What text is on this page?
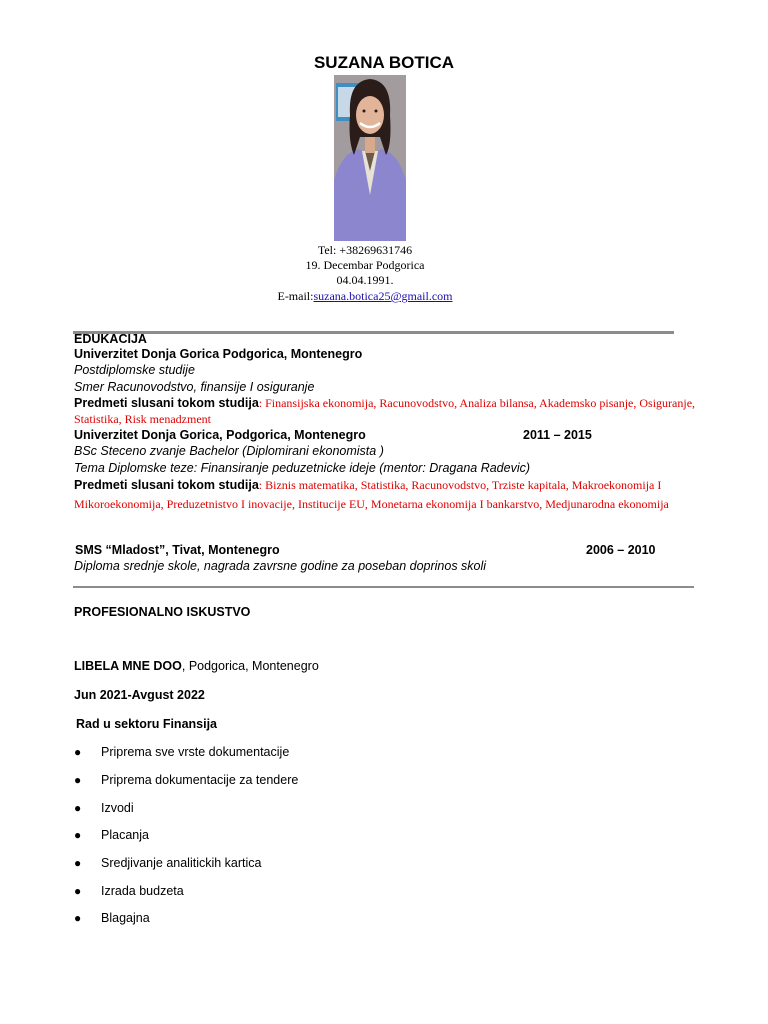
SUZANA BOTICA
Tel: +38269631746
19. Decembar Podgorica
04.04.1991.
E-mail:suzana.botica25@gmail.com
EDUKACIJA
Univerzitet Donja Gorica Podgorica, Montenegro
Postdiplomske studije
Smer Racunovodstvo, finansije I osiguranje
Predmeti slusani tokom studija: Finansijska ekonomija, Racunovodstvo, Analiza bilansa, Akademsko pisanje, Osiguranje, Statistika, Risk menadzment
Univerzitet Donja Gorica, Podgorica, Montenegro	2011 – 2015
BSc Steceno zvanje Bachelor (Diplomirani ekonomista )
Tema Diplomske teze: Finansiranje peduzetnicke ideje (mentor: Dragana Radevic)
Predmeti slusani tokom studija: Biznis matematika, Statistika, Racunovodstvo, Trziste kapitala, Makroekonomija I Mikoroekonomija, Preduzetnistvo I inovacije, Institucije EU, Monetarna ekonomija I bankarstvo, Medjunarodna ekonomija
SMS “Mladost”, Tivat, Montenegro	2006 – 2010
Diploma srednje skole, nagrada zavrsne godine za poseban doprinos skoli
PROFESIONALNO ISKUSTVO
LIBELA MNE DOO, Podgorica, Montenegro
Jun 2021-Avgust 2022
Rad u sektoru Finansija
● Priprema sve vrste dokumentacije
● Priprema dokumentacije za tendere
● Izvodi
● Placanja
● Sredjivanje analitickih kartica
● Izrada budzeta
● Blagajna
